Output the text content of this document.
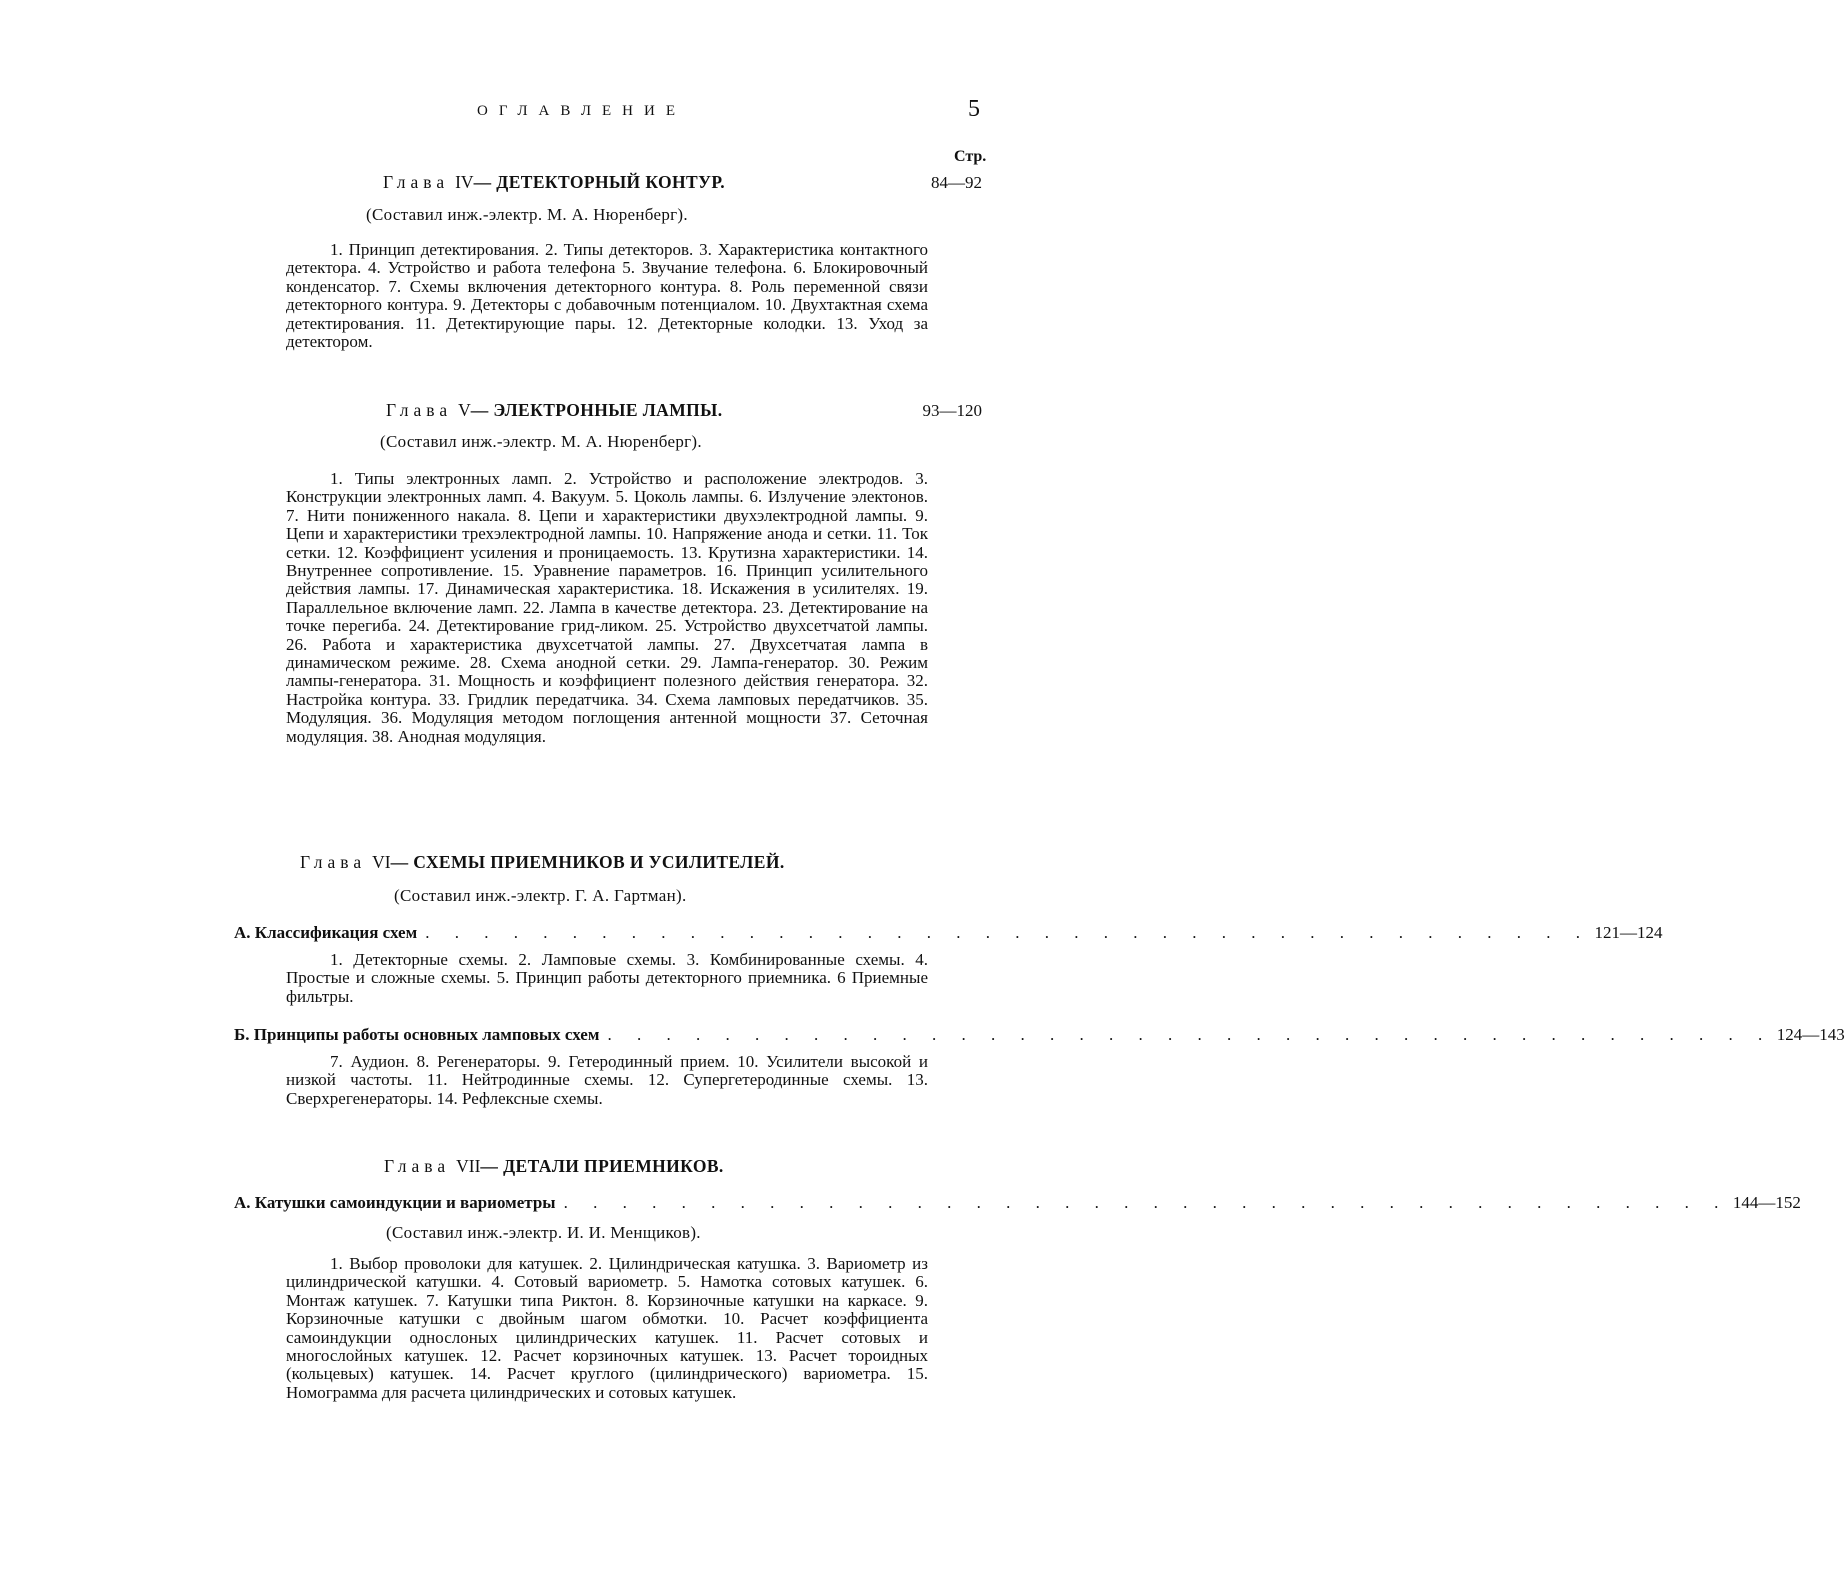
ОГЛАВЛЕНИЕ	5
Стр.
Глава IV— ДЕТЕКТОРНЫЙ КОНТУР.	84—92
(Составил инж.-электр. М. А. Нюренберг).
1. Принцип детектирования. 2. Типы детекторов. 3. Характеристика контактного детектора. 4. Устройство и работа телефона 5. Звучание телефона. 6. Блокировочный конденсатор. 7. Схемы включения детекторного контура. 8. Роль переменной связи детекторного контура. 9. Детекторы с добавочным потенциалом. 10. Двухтактная схема детектирования. 11. Детектирующие пары. 12. Детекторные колодки. 13. Уход за детектором.
Глава V— ЭЛЕКТРОННЫЕ ЛАМПЫ.	93—120
(Составил инж.-электр. М. А. Нюренберг).
1. Типы электронных ламп. 2. Устройство и расположение электродов. 3. Конструкции электронных ламп. 4. Вакуум. 5. Цоколь лампы. 6. Излучение электонов. 7. Нити пониженного накала. 8. Цепи и характеристики двухэлектродной лампы. 9. Цепи и характеристики трехэлектродной лампы. 10. Напряжение анода и сетки. 11. Ток сетки. 12. Коэффициент усиления и проницаемость. 13. Крутизна характеристики. 14. Внутреннее сопротивление. 15. Уравнение параметров. 16. Принцип усилительного действия лампы. 17. Динамическая характеристика. 18. Искажения в усилителях. 19. Параллельное включение ламп. 22. Лампа в качестве детектора. 23. Детектирование на точке перегиба. 24. Детектирование грид-ликом. 25. Устройство двухсетчатой лампы. 26. Работа и характеристика двухсетчатой лампы. 27. Двухсетчатая лампа в динамическом режиме. 28. Схема анодной сетки. 29. Лампа-генератор. 30. Режим лампы-генератора. 31. Мощность и коэффициент полезного действия генератора. 32. Настройка контура. 33. Гридлик передатчика. 34. Схема ламповых передатчиков. 35. Модуляция. 36. Модуляция методом поглощения антенной мощности 37. Сеточная модуляция. 38. Анодная модуляция.
Глава VI— СХЕМЫ ПРИЕМНИКОВ И УСИЛИТЕЛЕЙ.
(Составил инж.-электр. Г. А. Гартман).
А. Классификация схем . . . . . . . . . . . . . . . . . . . . . . . . . . . . . . . . . . . . . . . . 121—124
1. Детекторные схемы. 2. Ламповые схемы. 3. Комбинированные схемы. 4. Простые и сложные схемы. 5. Принцип работы детекторного приемника. 6 Приемные фильтры.
Б. Принципы работы основных ламповых схем . . . . . . . . . . . . . . . . . . . . . . . . . . . . . . . . . . . . . . . . 124—143
7. Аудион. 8. Регенераторы. 9. Гетеродинный прием. 10. Усилители высокой и низкой частоты. 11. Нейтродинные схемы. 12. Супергетеродинные схемы. 13. Сверхрегенераторы. 14. Рефлексные схемы.
Глава VII— ДЕТАЛИ ПРИЕМНИКОВ.
А. Катушки самоиндукции и вариометры . . . . . . . . . . . . . . . . . . . . . . . . . . . . . . . . . . . . . . . . 144—152
(Составил инж.-электр. И. И. Менщиков).
1. Выбор проволоки для катушек. 2. Цилиндрическая катушка. 3. Вариометр из цилиндрической катушки. 4. Сотовый вариометр. 5. Намотка сотовых катушек. 6. Монтаж катушек. 7. Катушки типа Риктон. 8. Корзиночные катушки на каркасе. 9. Корзиночные катушки с двойным шагом обмотки. 10. Расчет коэффициента самоиндукции однослоных цилиндрических катушек. 11. Расчет сотовых и многослойных катушек. 12. Расчет корзиночных катушек. 13. Расчет тороидных (кольцевых) катушек. 14. Расчет круглого (цилиндрического) вариометра. 15. Номограмма для расчета цилиндрических и сотовых катушек.
